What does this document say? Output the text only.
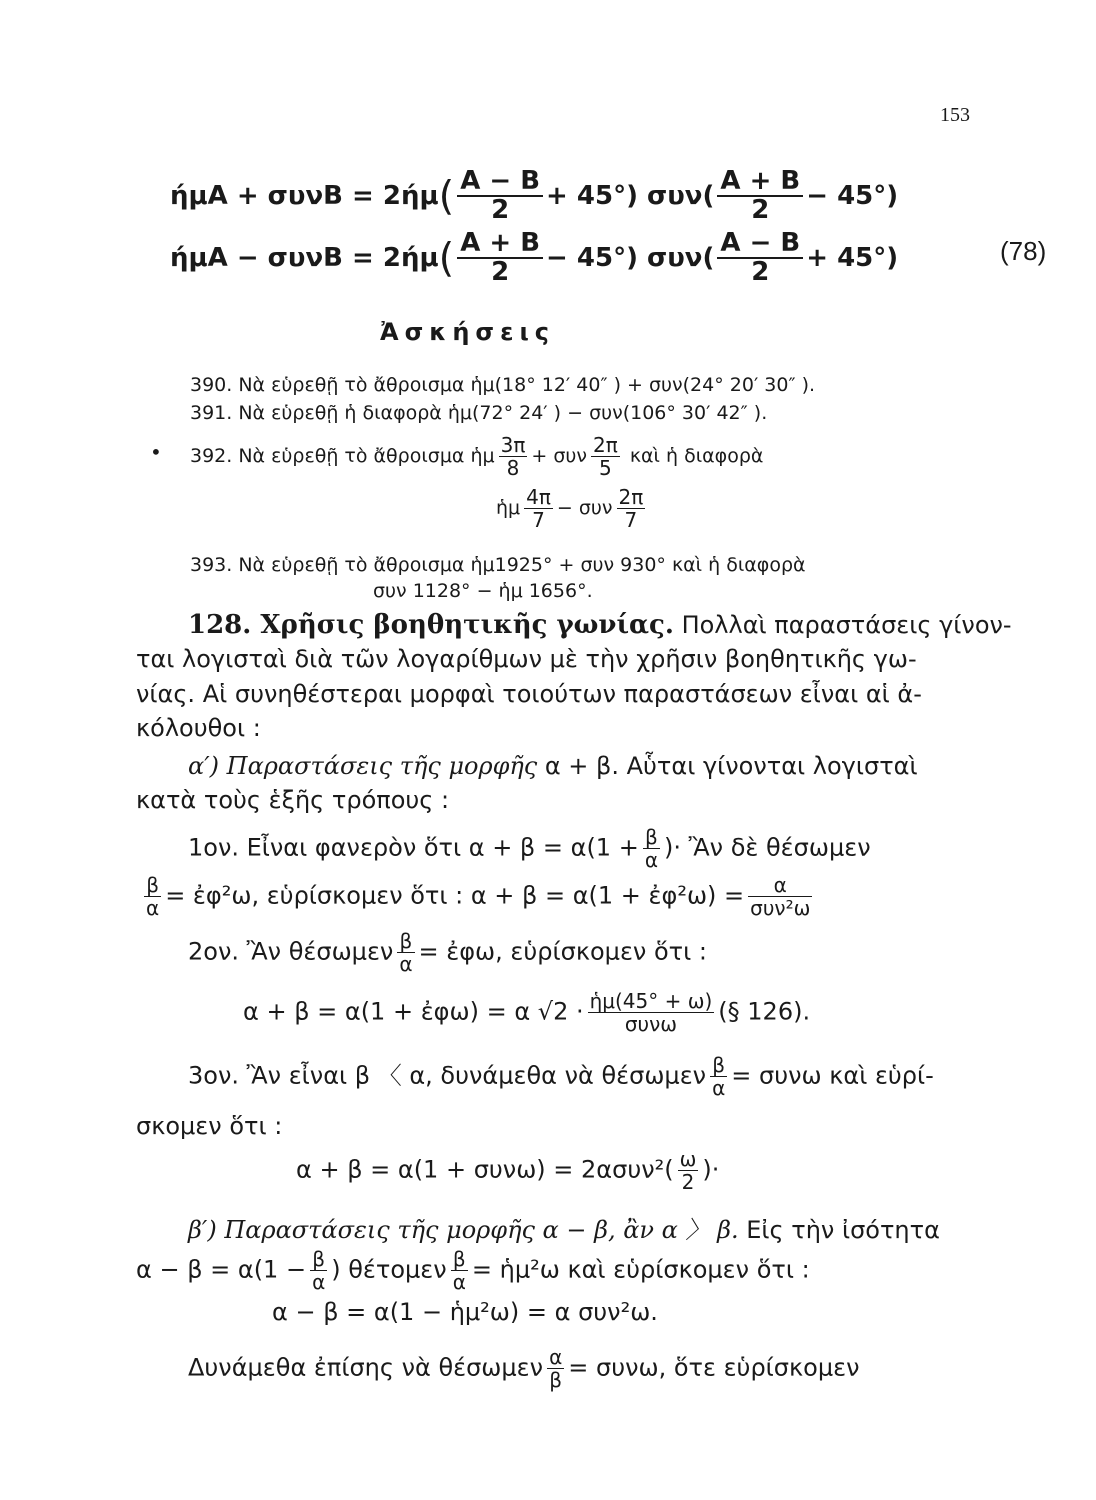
153
$ή\mu A + \sigma\upsilon\nu B = 2ή\mu( \frac{A - B}{2} + 45^\circ)$ $\sigma\upsilon\nu( \frac{A + B}{2} - 45^\circ)$
$ή\mu A - \sigma\upsilon\nu B = 2ή\mu( \frac{A + B}{2} - 45^\circ)$ $\sigma\upsilon\nu( \frac{A - B}{2} + 45^\circ)$	(78)
Ἀσκήσεις
390. Νὰ εὑρεθῇ τὸ ἄθροισμα ἡμ(18° 12′ 40″ ) + συν(24° 20′ 30″ ).
391. Νὰ εὑρεθῇ ἡ διαφορὰ ἡμ(72° 24′ ) − συν(106° 30′ 42″ ).
• 392. Νὰ εὑρεθῇ τὸ ἄθροισμα ἡμ $\frac{3\pi}{8} + \sigma\upsilon\nu \frac{2\pi}{5}$ καὶ ἡ διαφορὰ
ἡμ $\frac{4\pi}{7} - \sigma\upsilon\nu \frac{2\pi}{7}$
393. Νὰ εὑρεθῇ τὸ ἄθροισμα ἡμ1925° + συν 930° καὶ ἡ διαφορὰ
συν 1128° − ἡμ 1656°.
128. Χρῆσις βοηθητικῆς γωνίας. Πολλαὶ παραστάσεις γίνον-
ται λογισταὶ διὰ τῶν λογαρίθμων μὲ τὴν χρῆσιν βοηθητικῆς γω-
νίας. Αἱ συνηθέστεραι μορφαὶ τοιούτων παραστάσεων εἶναι αἱ ἀ-
κόλουθοι :
α′) Παραστάσεις τῆς μορφῆς α + β. Αὗται γίνονται λογισταὶ
κατὰ τοὺς ἑξῆς τρόπους :
1ον. Εἶναι φανερὸν ὅτι $\alpha + \beta = \alpha(1 + \frac{\beta}{\alpha}$ )· Ἂν δὲ θέσωμεν
$\frac{\beta}{\alpha}$ = ἐφ²ω, εὑρίσκομεν ὅτι : α + β = α(1 + ἐφ²ω) =	α
συν²ω
2ον. Ἂν θέσωμεν $\frac{\beta}{\alpha}$ = ἐφω, εὑρίσκομεν ὅτι :
α + β = α(1 + ἐφω) = α √2 · ἡμ(45° + ω)
συνω	(§ 126).
3ον. Ἂν εἶναι β 〈 α, δυνάμεθα νὰ θέσωμεν $\frac{\beta}{\alpha} = \sigma\upsilon\nu\omega$ καὶ εὑρί-
σκομεν ὅτι :
$\alpha + \beta = \alpha(1 + \sigma\upsilon\nu\omega) = 2\alpha\sigma\upsilon\nu^2( \frac{\omega}{2}$ )·
β′) Παραστάσεις τῆς μορφῆς α − β, ἂν α 〉 β. Εἰς τὴν ἰσότητα
$\alpha - \beta = \alpha(1 - \frac{\beta}{\alpha}$ ) θέτομεν $\frac{\beta}{\alpha}$ = ἡμ²ω καὶ εὑρίσκομεν ὅτι :
α − β = α(1 − ἡμ²ω) = α συν²ω.
Δυνάμεθα ἐπίσης νὰ θέσωμεν $\frac{\alpha}{\beta} = \sigma\upsilon\nu\omega$, ὅτε εὑρίσκομεν
